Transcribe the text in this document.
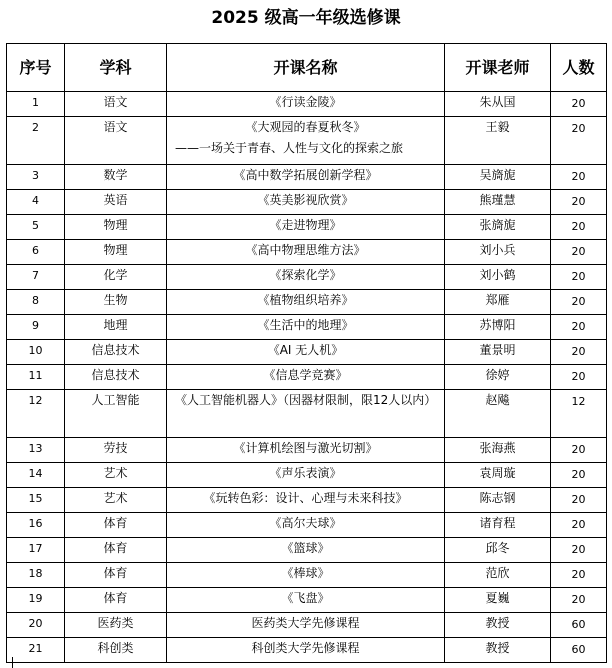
2025 级高一年级选修课
序号	学科	开课名称	开课老师	人数
1	语文	《行读金陵》	朱从国	20
2	语文	《大观园的春夏秋冬》
——一场关于青春、人性与文化的探索之旅	王毅	20
3	数学	《高中数学拓展创新学程》	吴旖旎	20
4	英语	《英美影视欣赏》	熊瑾慧	20
5	物理	《走进物理》	张旖旎	20
6	物理	《高中物理思维方法》	刘小兵	20
7	化学	《探索化学》	刘小鹤	20
8	生物	《植物组织培养》	郑雁	20
9	地理	《生活中的地理》	苏博阳	20
10	信息技术	《AI 无人机》	董景明	20
11	信息技术	《信息学竞赛》	徐婷	20
12	人工智能	《人工智能机器人》（因器材限制，限12人以内）	赵飚	12
13	劳技	《计算机绘图与激光切割》	张海燕	20
14	艺术	《声乐表演》	袁周璇	20
15	艺术	《玩转色彩：设计、心理与未来科技》	陈志钢	20
16	体育	《高尔夫球》	诸育程	20
17	体育	《篮球》	邱冬	20
18	体育	《棒球》	范欣	20
19	体育	《飞盘》	夏巍	20
20	医药类	医药类大学先修课程	教授	60
21	科创类	科创类大学先修课程	教授	60
